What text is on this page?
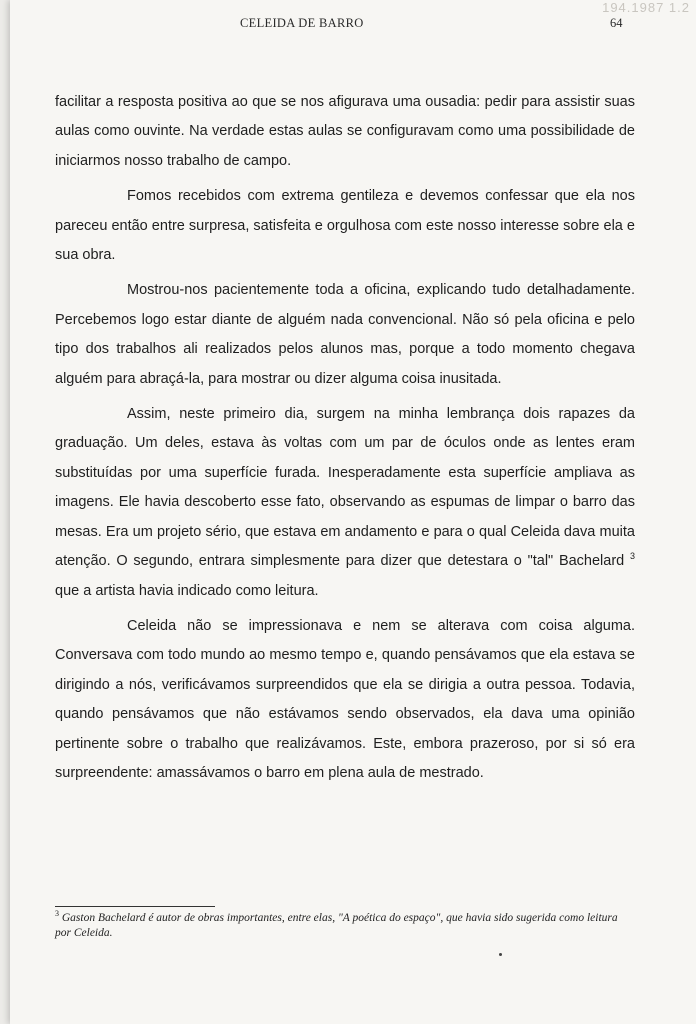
194.1987 1.2
CELEIDA DE BARRO	64

facilitar a resposta positiva ao que se nos afigurava uma ousadia: pedir para assistir suas aulas como ouvinte. Na verdade estas aulas se configuravam como uma possibilidade de iniciarmos nosso trabalho de campo.

Fomos recebidos com extrema gentileza e devemos confessar que ela nos pareceu então entre surpresa, satisfeita e orgulhosa com este nosso interesse sobre ela e sua obra.

Mostrou-nos pacientemente toda a oficina, explicando tudo detalhadamente. Percebemos logo estar diante de alguém nada convencional. Não só pela oficina e pelo tipo dos trabalhos ali realizados pelos alunos mas, porque a todo momento chegava alguém para abraçá-la, para mostrar ou dizer alguma coisa inusitada.

Assim, neste primeiro dia, surgem na minha lembrança dois rapazes da graduação. Um deles, estava às voltas com um par de óculos onde as lentes eram substituídas por uma superfície furada. Inesperadamente esta superfície ampliava as imagens. Ele havia descoberto esse fato, observando as espumas de limpar o barro das mesas. Era um projeto sério, que estava em andamento e para o qual Celeida dava muita atenção. O segundo, entrara simplesmente para dizer que detestara o "tal" Bachelard $^3$ que a artista havia indicado como leitura.

Celeida não se impressionava e nem se alterava com coisa alguma. Conversava com todo mundo ao mesmo tempo e, quando pensávamos que ela estava se dirigindo a nós, verificávamos surpreendidos que ela se dirigia a outra pessoa. Todavia, quando pensávamos que não estávamos sendo observados, ela dava uma opinião pertinente sobre o trabalho que realizávamos. Este, embora prazeroso, por si só era surpreendente: amassávamos o barro em plena aula de mestrado.

$^3$ Gaston Bachelard é autor de obras importantes, entre elas, "A poética do espaço", que havia sido sugerida como leitura por Celeida.
